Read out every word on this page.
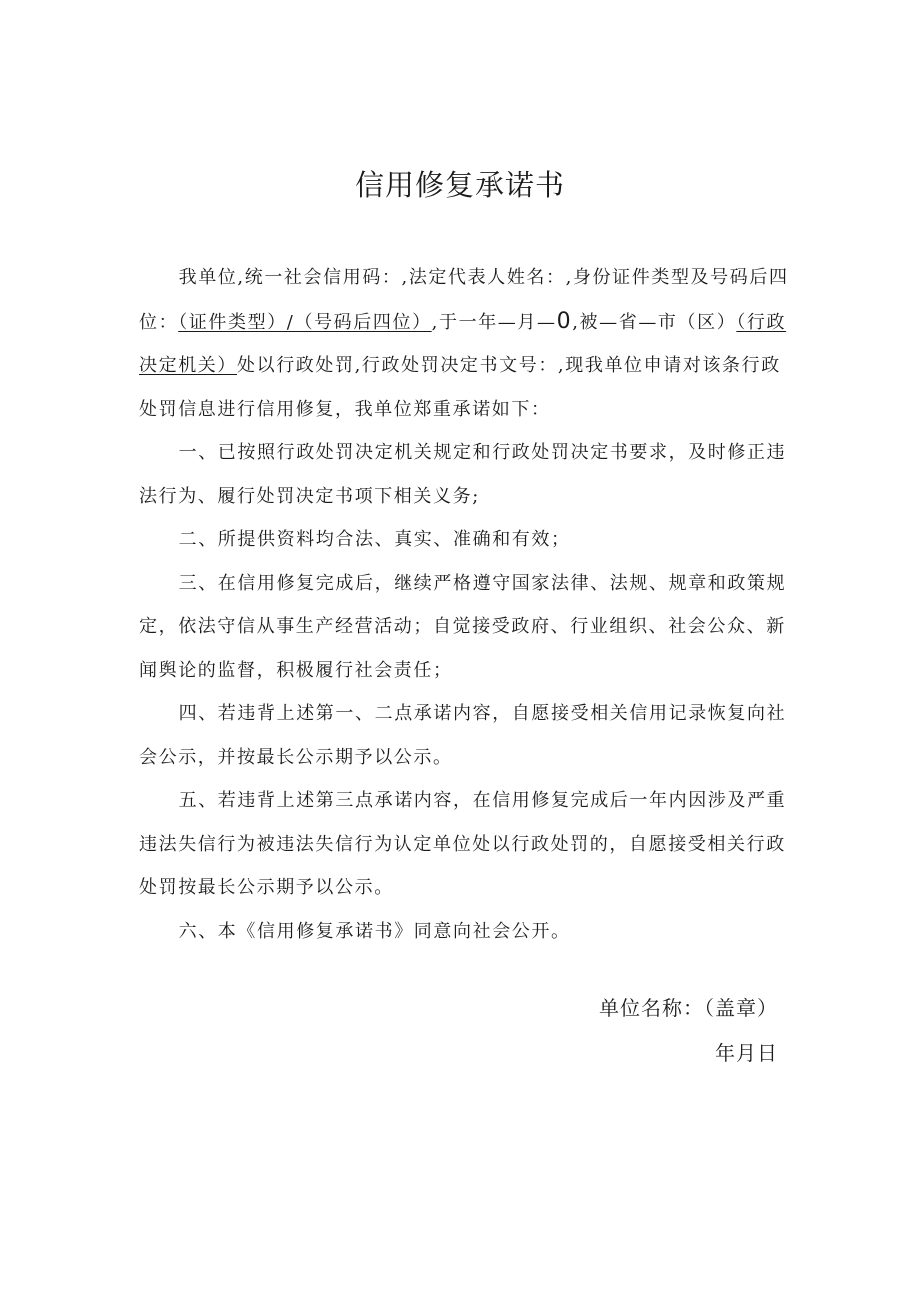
信用修复承诺书

我单位,统一社会信用码：,法定代表人姓名：,身份证件类型及号码后四位：（证件类型）/（号码后四位）,于一年—月—0,被—省—市（区）（行政决定机关）处以行政处罚,行政处罚决定书文号：,现我单位申请对该条行政处罚信息进行信用修复，我单位郑重承诺如下：

一、已按照行政处罚决定机关规定和行政处罚决定书要求，及时修正违法行为、履行处罚决定书项下相关义务;

二、所提供资料均合法、真实、准确和有效；

三、在信用修复完成后，继续严格遵守国家法律、法规、规章和政策规定，依法守信从事生产经营活动；自觉接受政府、行业组织、社会公众、新闻舆论的监督，积极履行社会责任；

四、若违背上述第一、二点承诺内容，自愿接受相关信用记录恢复向社会公示，并按最长公示期予以公示。

五、若违背上述第三点承诺内容，在信用修复完成后一年内因涉及严重违法失信行为被违法失信行为认定单位处以行政处罚的，自愿接受相关行政处罚按最长公示期予以公示。

六、本《信用修复承诺书》同意向社会公开。

单位名称：（盖章）
年月日
